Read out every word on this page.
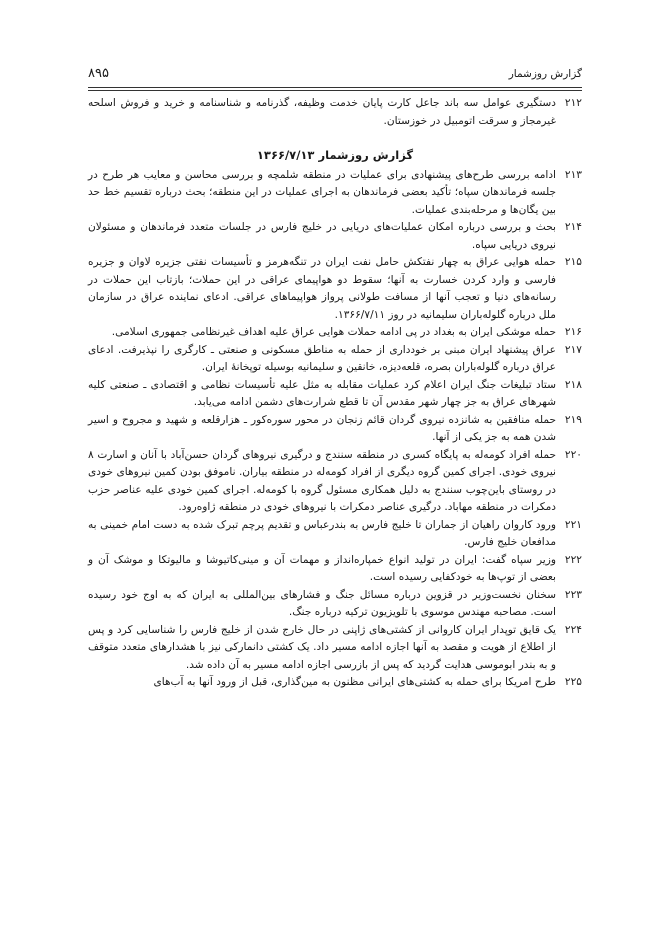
۸۹۵	گزارش روزشمار

۲۱۲
دستگیری عوامل سه باند جاعل کارت پایان خدمت وظیفه، گذرنامه و شناسنامه و خرید و فروش اسلحه غیرمجاز و سرقت اتومبیل در خوزستان.

گزارش روزشمار ۱۳۶۶/۷/۱۳

۲۱۳
ادامه بررسی طرح‌های پیشنهادی برای عملیات در منطقه شلمچه و بررسی محاسن و معایب هر طرح در جلسه فرماندهان سپاه؛ تأکید بعضی فرماندهان به اجرای عملیات در این منطقه؛ بحث درباره تقسیم خط حد بین یگان‌ها و مرحله‌بندی عملیات.

۲۱۴
بحث و بررسی درباره امکان عملیات‌های دریایی در خلیج فارس در جلسات متعدد فرماندهان و مسئولان نیروی دریایی سپاه.

۲۱۵
حمله هوایی عراق به چهار نفتکش حامل نفت ایران در تنگه‌هرمز و تأسیسات نفتی جزیره لاوان و جزیره فارسی و وارد کردن خسارت به آنها؛ سقوط دو هواپیمای عراقی در این حملات؛ بازتاب این حملات در رسانه‌های دنیا و تعجب آنها از مسافت طولانی پرواز هواپیماهای عراقی. ادعای نماینده عراق در سازمان ملل درباره گلوله‌باران سلیمانیه در روز ۱۳۶۶/۷/۱۱.

۲۱۶
حمله موشکی ایران به بغداد در پی ادامه حملات هوایی عراق علیه اهداف غیرنظامی جمهوری اسلامی.

۲۱۷
عراق پیشنهاد ایران مبنی بر خودداری از حمله به مناطق مسکونی و صنعتی ـ کارگری را نپذیرفت. ادعای عراق درباره گلوله‌باران بصره، قلعه‌دیزه، خانقین و سلیمانیه بوسیله توپخانهٔ ایران.

۲۱۸
ستاد تبلیغات جنگ ایران اعلام کرد عملیات مقابله به مثل علیه تأسیسات نظامی و اقتصادی ـ صنعتی کلیه شهرهای عراق به جز چهار شهر مقدس آن تا قطع شرارت‌های دشمن ادامه می‌یابد.

۲۱۹
حمله منافقین به شانزده نیروی گردان قائم زنجان در محور سوره‌کور ـ هزارقلعه و شهید و مجروح و اسیر شدن همه به جز یکی از آنها.

۲۲۰
حمله افراد کومه‌له به پایگاه کسری در منطقه سنندج و درگیری نیروهای گردان حسن‌آباد با آنان و اسارت ۸ نیروی خودی. اجرای کمین گروه دیگری از افراد کومه‌له در منطقه بیاران. ناموفق بودن کمین نیروهای خودی در روستای باین‌چوب سنندج به دلیل همکاری مسئول گروه با کومه‌له. اجرای کمین خودی علیه عناصر حزب دمکرات در منطقه مهاباد. درگیری عناصر دمکرات با نیروهای خودی در منطقه ژاوه‌رود.

۲۲۱
ورود کاروان راهیان از جماران تا خلیج فارس به بندرعباس و تقدیم پرچم تبرک شده به دست امام خمینی به مدافعان خلیج فارس.

۲۲۲
وزیر سپاه گفت: ایران در تولید انواع خمپاره‌انداز و مهمات آن و مینی‌کاتیوشا و مالیوتکا و موشک آن و بعضی از توپ‌ها به خودکفایی رسیده است.

۲۲۳
سخنان نخست‌وزیر در قزوین درباره مسائل جنگ و فشارهای بین‌المللی به ایران که به اوج خود رسیده است. مصاحبه مهندس موسوی با تلویزیون ترکیه درباره جنگ.

۲۲۴
یک قایق توپدار ایران کاروانی از کشتی‌های ژاپنی در حال خارج شدن از خلیج فارس را شناسایی کرد و پس از اطلاع از هویت و مقصد به آنها اجازه ادامه مسیر داد. یک کشتی دانمارکی نیز با هشدارهای متعدد متوقف و به بندر ابوموسی هدایت گردید که پس از بازرسی اجازه ادامه مسیر به آن داده شد.

۲۲۵
طرح امریکا برای حمله به کشتی‌های ایرانی مظنون به مین‌گذاری، قبل از ورود آنها به آب‌های
